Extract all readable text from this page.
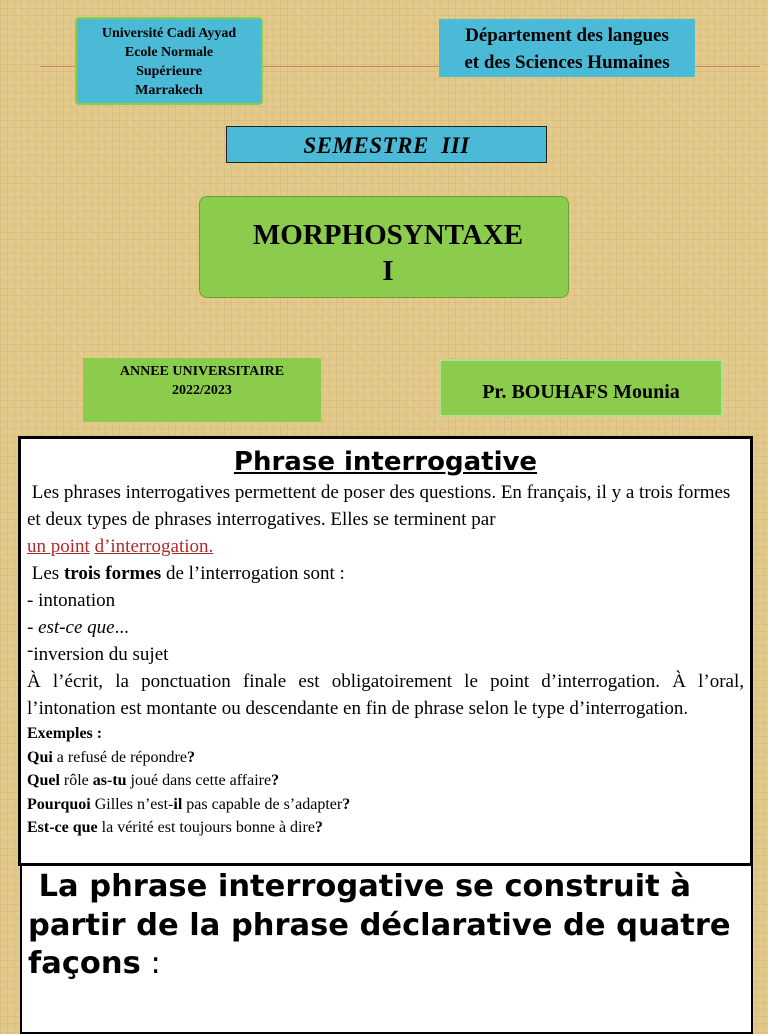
Université Cadi Ayyad
Ecole Normale
Supérieure
Marrakech
Département des langues
et des Sciences Humaines
SEMESTRE  III
MORPHOSYNTAXE
I
ANNEE UNIVERSITAIRE
2022/2023	Pr. BOUHAFS Mounia
Phrase interrogative

Les phrases interrogatives permettent de poser des questions. En français, il y a trois formes et deux types de phrases interrogatives. Elles se terminent par
un point d’interrogation.

Les trois formes de l’interrogation sont :

- intonation

- est-ce que...

-inversion du sujet

À l’écrit, la ponctuation finale est obligatoirement le point d’interrogation. À l’oral, l’intonation est montante ou descendante en fin de phrase selon le type d’interrogation.

Exemples :

Qui a refusé de répondre?

Quel rôle as-tu joué dans cette affaire?

Pourquoi Gilles n’est-il pas capable de s’adapter?

Est-ce que la vérité est toujours bonne à dire?

La phrase interrogative se construit à partir de la phrase déclarative de quatre façons :
